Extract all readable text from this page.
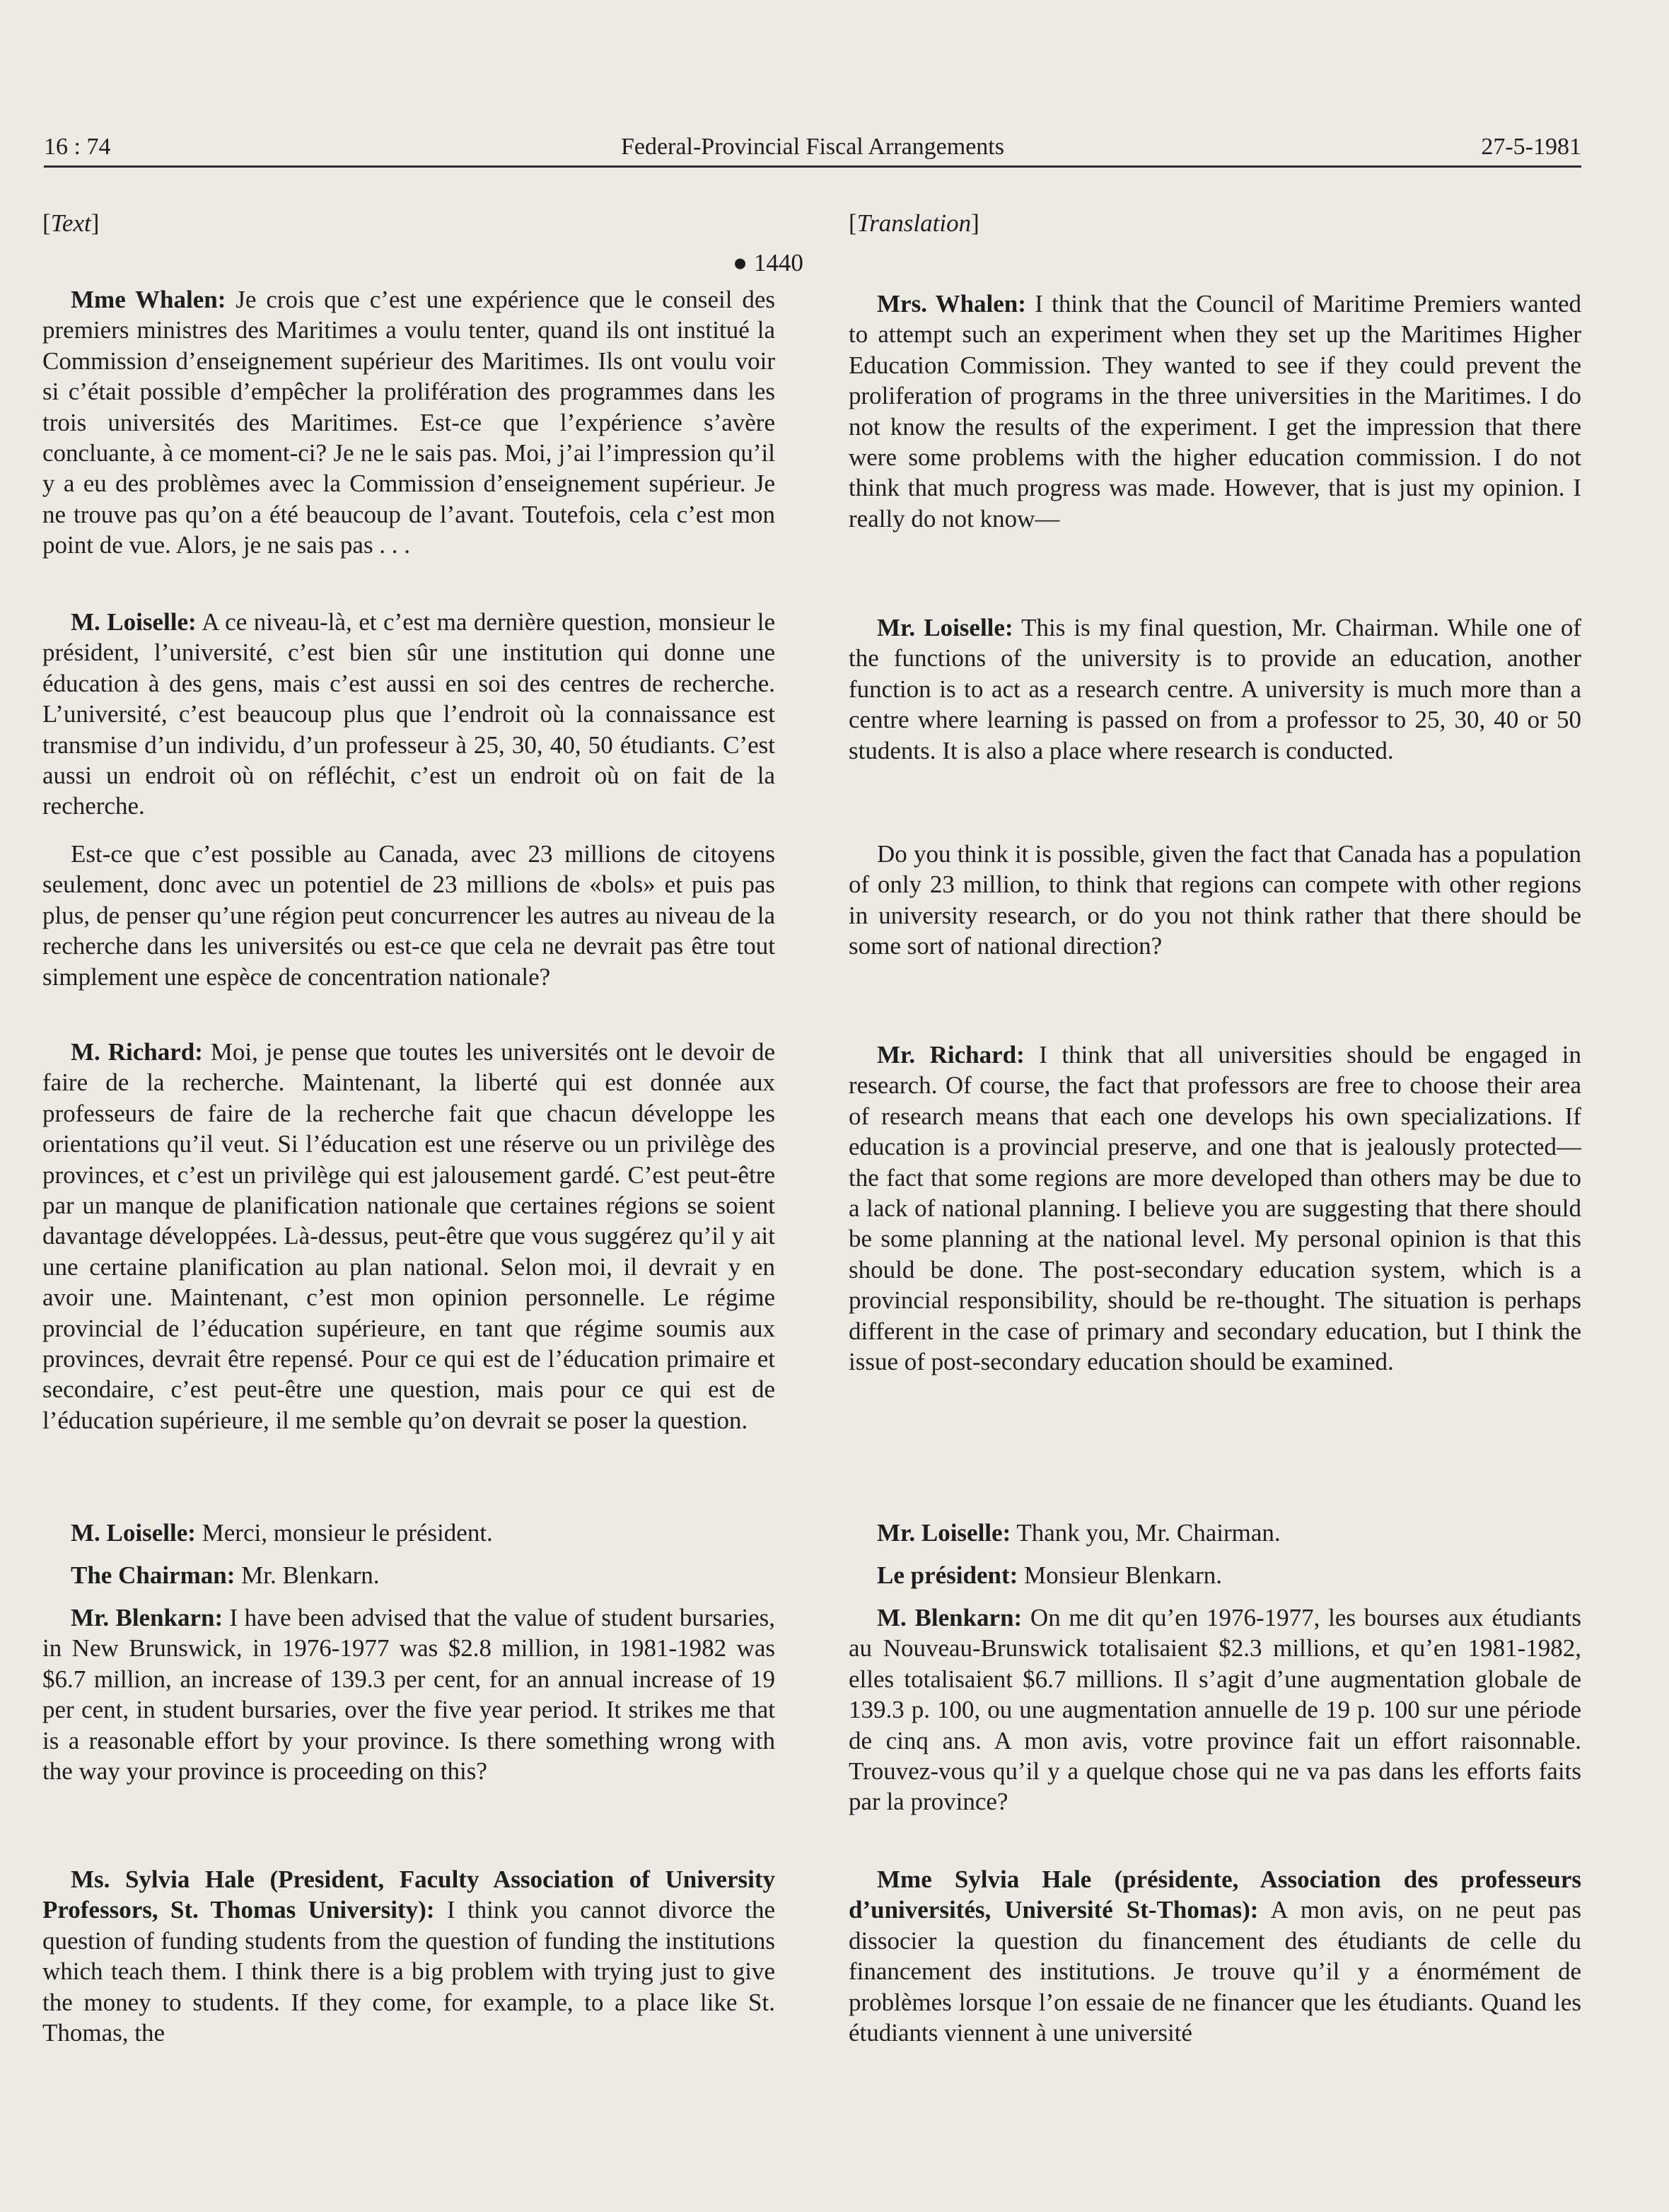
16 : 74	Federal-Provincial Fiscal Arrangements	27-5-1981
[Text]
● 1440
Mme Whalen: Je crois que c’est une expérience que le conseil des premiers ministres des Maritimes a voulu tenter, quand ils ont institué la Commission d’enseignement supérieur des Maritimes. Ils ont voulu voir si c’était possible d’empêcher la prolifération des programmes dans les trois universités des Maritimes. Est-ce que l’expérience s’avère concluante, à ce moment-ci? Je ne le sais pas. Moi, j’ai l’impression qu’il y a eu des problèmes avec la Commission d’enseignement supérieur. Je ne trouve pas qu’on a été beaucoup de l’avant. Toutefois, cela c’est mon point de vue. Alors, je ne sais pas . . .
M. Loiselle: A ce niveau-là, et c’est ma dernière question, monsieur le président, l’université, c’est bien sûr une institution qui donne une éducation à des gens, mais c’est aussi en soi des centres de recherche. L’université, c’est beaucoup plus que l’endroit où la connaissance est transmise d’un individu, d’un professeur à 25, 30, 40, 50 étudiants. C’est aussi un endroit où on réfléchit, c’est un endroit où on fait de la recherche.
Est-ce que c’est possible au Canada, avec 23 millions de citoyens seulement, donc avec un potentiel de 23 millions de «bols» et puis pas plus, de penser qu’une région peut concurrencer les autres au niveau de la recherche dans les universités ou est-ce que cela ne devrait pas être tout simplement une espèce de concentration nationale?
M. Richard: Moi, je pense que toutes les universités ont le devoir de faire de la recherche. Maintenant, la liberté qui est donnée aux professeurs de faire de la recherche fait que chacun développe les orientations qu’il veut. Si l’éducation est une réserve ou un privilège des provinces, et c’est un privilège qui est jalousement gardé. C’est peut-être par un manque de planification nationale que certaines régions se soient davantage développées. Là-dessus, peut-être que vous suggérez qu’il y ait une certaine planification au plan national. Selon moi, il devrait y en avoir une. Maintenant, c’est mon opinion personnelle. Le régime provincial de l’éducation supérieure, en tant que régime soumis aux provinces, devrait être repensé. Pour ce qui est de l’éducation primaire et secondaire, c’est peut-être une question, mais pour ce qui est de l’éducation supérieure, il me semble qu’on devrait se poser la question.
M. Loiselle: Merci, monsieur le président.
The Chairman: Mr. Blenkarn.
Mr. Blenkarn: I have been advised that the value of student bursaries, in New Brunswick, in 1976-1977 was $2.8 million, in 1981-1982 was $6.7 million, an increase of 139.3 per cent, for an annual increase of 19 per cent, in student bursaries, over the five year period. It strikes me that is a reasonable effort by your province. Is there something wrong with the way your province is proceeding on this?
Ms. Sylvia Hale (President, Faculty Association of University Professors, St. Thomas University): I think you cannot divorce the question of funding students from the question of funding the institutions which teach them. I think there is a big problem with trying just to give the money to students. If they come, for example, to a place like St. Thomas, the
[Translation]
Mrs. Whalen: I think that the Council of Maritime Premiers wanted to attempt such an experiment when they set up the Maritimes Higher Education Commission. They wanted to see if they could prevent the proliferation of programs in the three universities in the Maritimes. I do not know the results of the experiment. I get the impression that there were some problems with the higher education commission. I do not think that much progress was made. However, that is just my opinion. I really do not know—
Mr. Loiselle: This is my final question, Mr. Chairman. While one of the functions of the university is to provide an education, another function is to act as a research centre. A university is much more than a centre where learning is passed on from a professor to 25, 30, 40 or 50 students. It is also a place where research is conducted.
Do you think it is possible, given the fact that Canada has a population of only 23 million, to think that regions can compete with other regions in university research, or do you not think rather that there should be some sort of national direction?
Mr. Richard: I think that all universities should be engaged in research. Of course, the fact that professors are free to choose their area of research means that each one develops his own specializations. If education is a provincial preserve, and one that is jealously protected—the fact that some regions are more developed than others may be due to a lack of national planning. I believe you are suggesting that there should be some planning at the national level. My personal opinion is that this should be done. The post-secondary education system, which is a provincial responsibility, should be re-thought. The situation is perhaps different in the case of primary and secondary education, but I think the issue of post-secondary education should be examined.
Mr. Loiselle: Thank you, Mr. Chairman.
Le président: Monsieur Blenkarn.
M. Blenkarn: On me dit qu’en 1976-1977, les bourses aux étudiants au Nouveau-Brunswick totalisaient $2.3 millions, et qu’en 1981-1982, elles totalisaient $6.7 millions. Il s’agit d’une augmentation globale de 139.3 p. 100, ou une augmentation annuelle de 19 p. 100 sur une période de cinq ans. A mon avis, votre province fait un effort raisonnable. Trouvez-vous qu’il y a quelque chose qui ne va pas dans les efforts faits par la province?
Mme Sylvia Hale (présidente, Association des professeurs d’universités, Université St-Thomas): A mon avis, on ne peut pas dissocier la question du financement des étudiants de celle du financement des institutions. Je trouve qu’il y a énormément de problèmes lorsque l’on essaie de ne financer que les étudiants. Quand les étudiants viennent à une université
